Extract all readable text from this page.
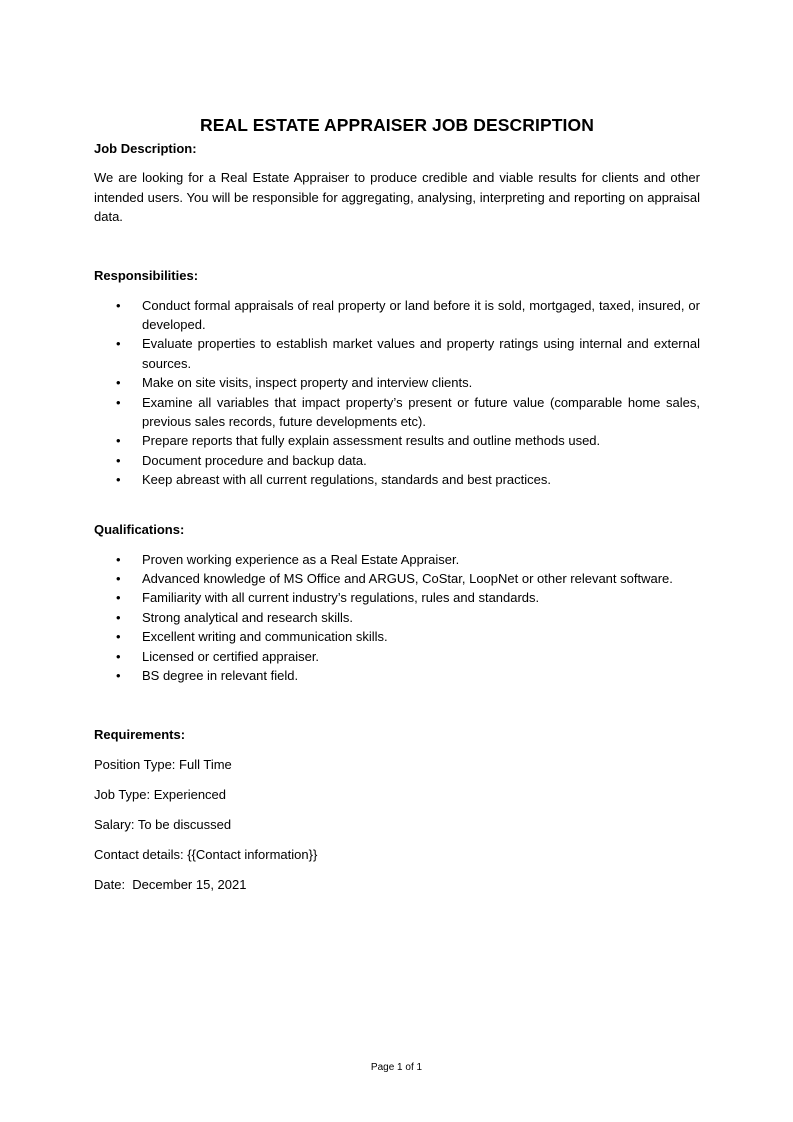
REAL ESTATE APPRAISER JOB DESCRIPTION

Job Description:

We are looking for a Real Estate Appraiser to produce credible and viable results for clients and other intended users. You will be responsible for aggregating, analysing, interpreting and reporting on appraisal data.

Responsibilities:

• Conduct formal appraisals of real property or land before it is sold, mortgaged, taxed, insured, or developed.
• Evaluate properties to establish market values and property ratings using internal and external sources.
• Make on site visits, inspect property and interview clients.
• Examine all variables that impact property’s present or future value (comparable home sales, previous sales records, future developments etc).
• Prepare reports that fully explain assessment results and outline methods used.
• Document procedure and backup data.
• Keep abreast with all current regulations, standards and best practices.

Qualifications:

• Proven working experience as a Real Estate Appraiser.
• Advanced knowledge of MS Office and ARGUS, CoStar, LoopNet or other relevant software.
• Familiarity with all current industry’s regulations, rules and standards.
• Strong analytical and research skills.
• Excellent writing and communication skills.
• Licensed or certified appraiser.
• BS degree in relevant field.

Requirements:

Position Type: Full Time

Job Type: Experienced

Salary: To be discussed

Contact details: {{Contact information}}

Date:  December 15, 2021

Page 1 of 1
